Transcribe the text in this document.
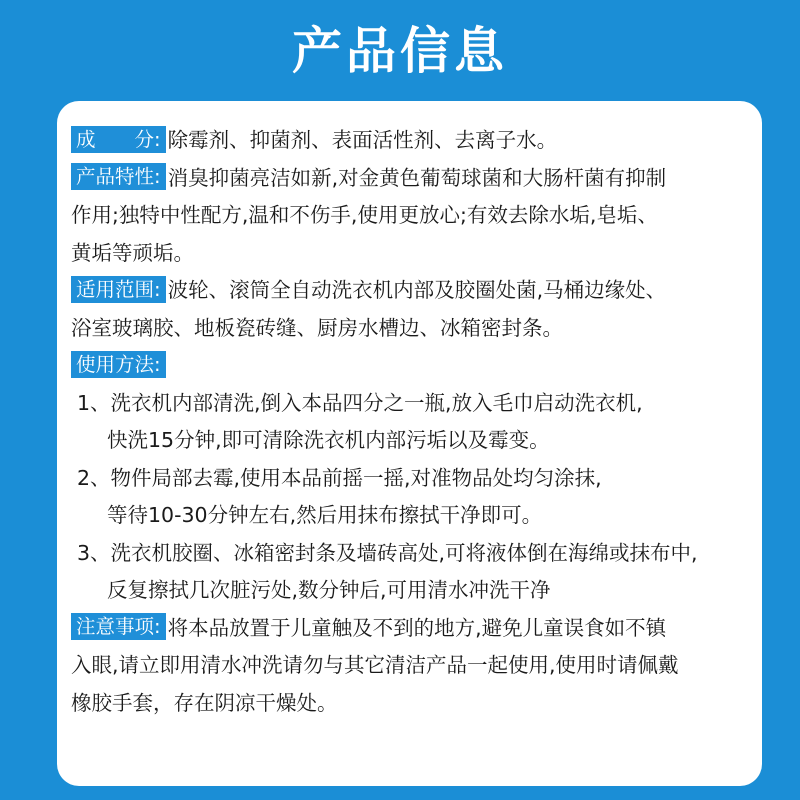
产品信息
成　　分: 除霉剂、抑菌剂、表面活性剂、去离子水。
产品特性: 消臭抑菌亮洁如新,对金黄色葡萄球菌和大肠杆菌有抑制
作用;独特中性配方,温和不伤手,使用更放心;有效去除水垢,皂垢、
黄垢等顽垢。
适用范围: 波轮、滚筒全自动洗衣机内部及胶圈处菌,马桶边缘处、
浴室玻璃胶、地板瓷砖缝、厨房水槽边、冰箱密封条。
使用方法:
1、洗衣机内部清洗,倒入本品四分之一瓶,放入毛巾启动洗衣机,
快洗15分钟,即可清除洗衣机内部污垢以及霉变。
2、物件局部去霉,使用本品前摇一摇,对准物品处均匀涂抹,
等待10-30分钟左右,然后用抹布擦拭干净即可。
3、洗衣机胶圈、冰箱密封条及墙砖高处,可将液体倒在海绵或抹布中,
反复擦拭几次脏污处,数分钟后,可用清水冲洗干净
注意事项: 将本品放置于儿童触及不到的地方,避免儿童误食如不镇
入眼,请立即用清水冲洗请勿与其它清洁产品一起使用,使用时请佩戴
橡胶手套，存在阴凉干燥处。
